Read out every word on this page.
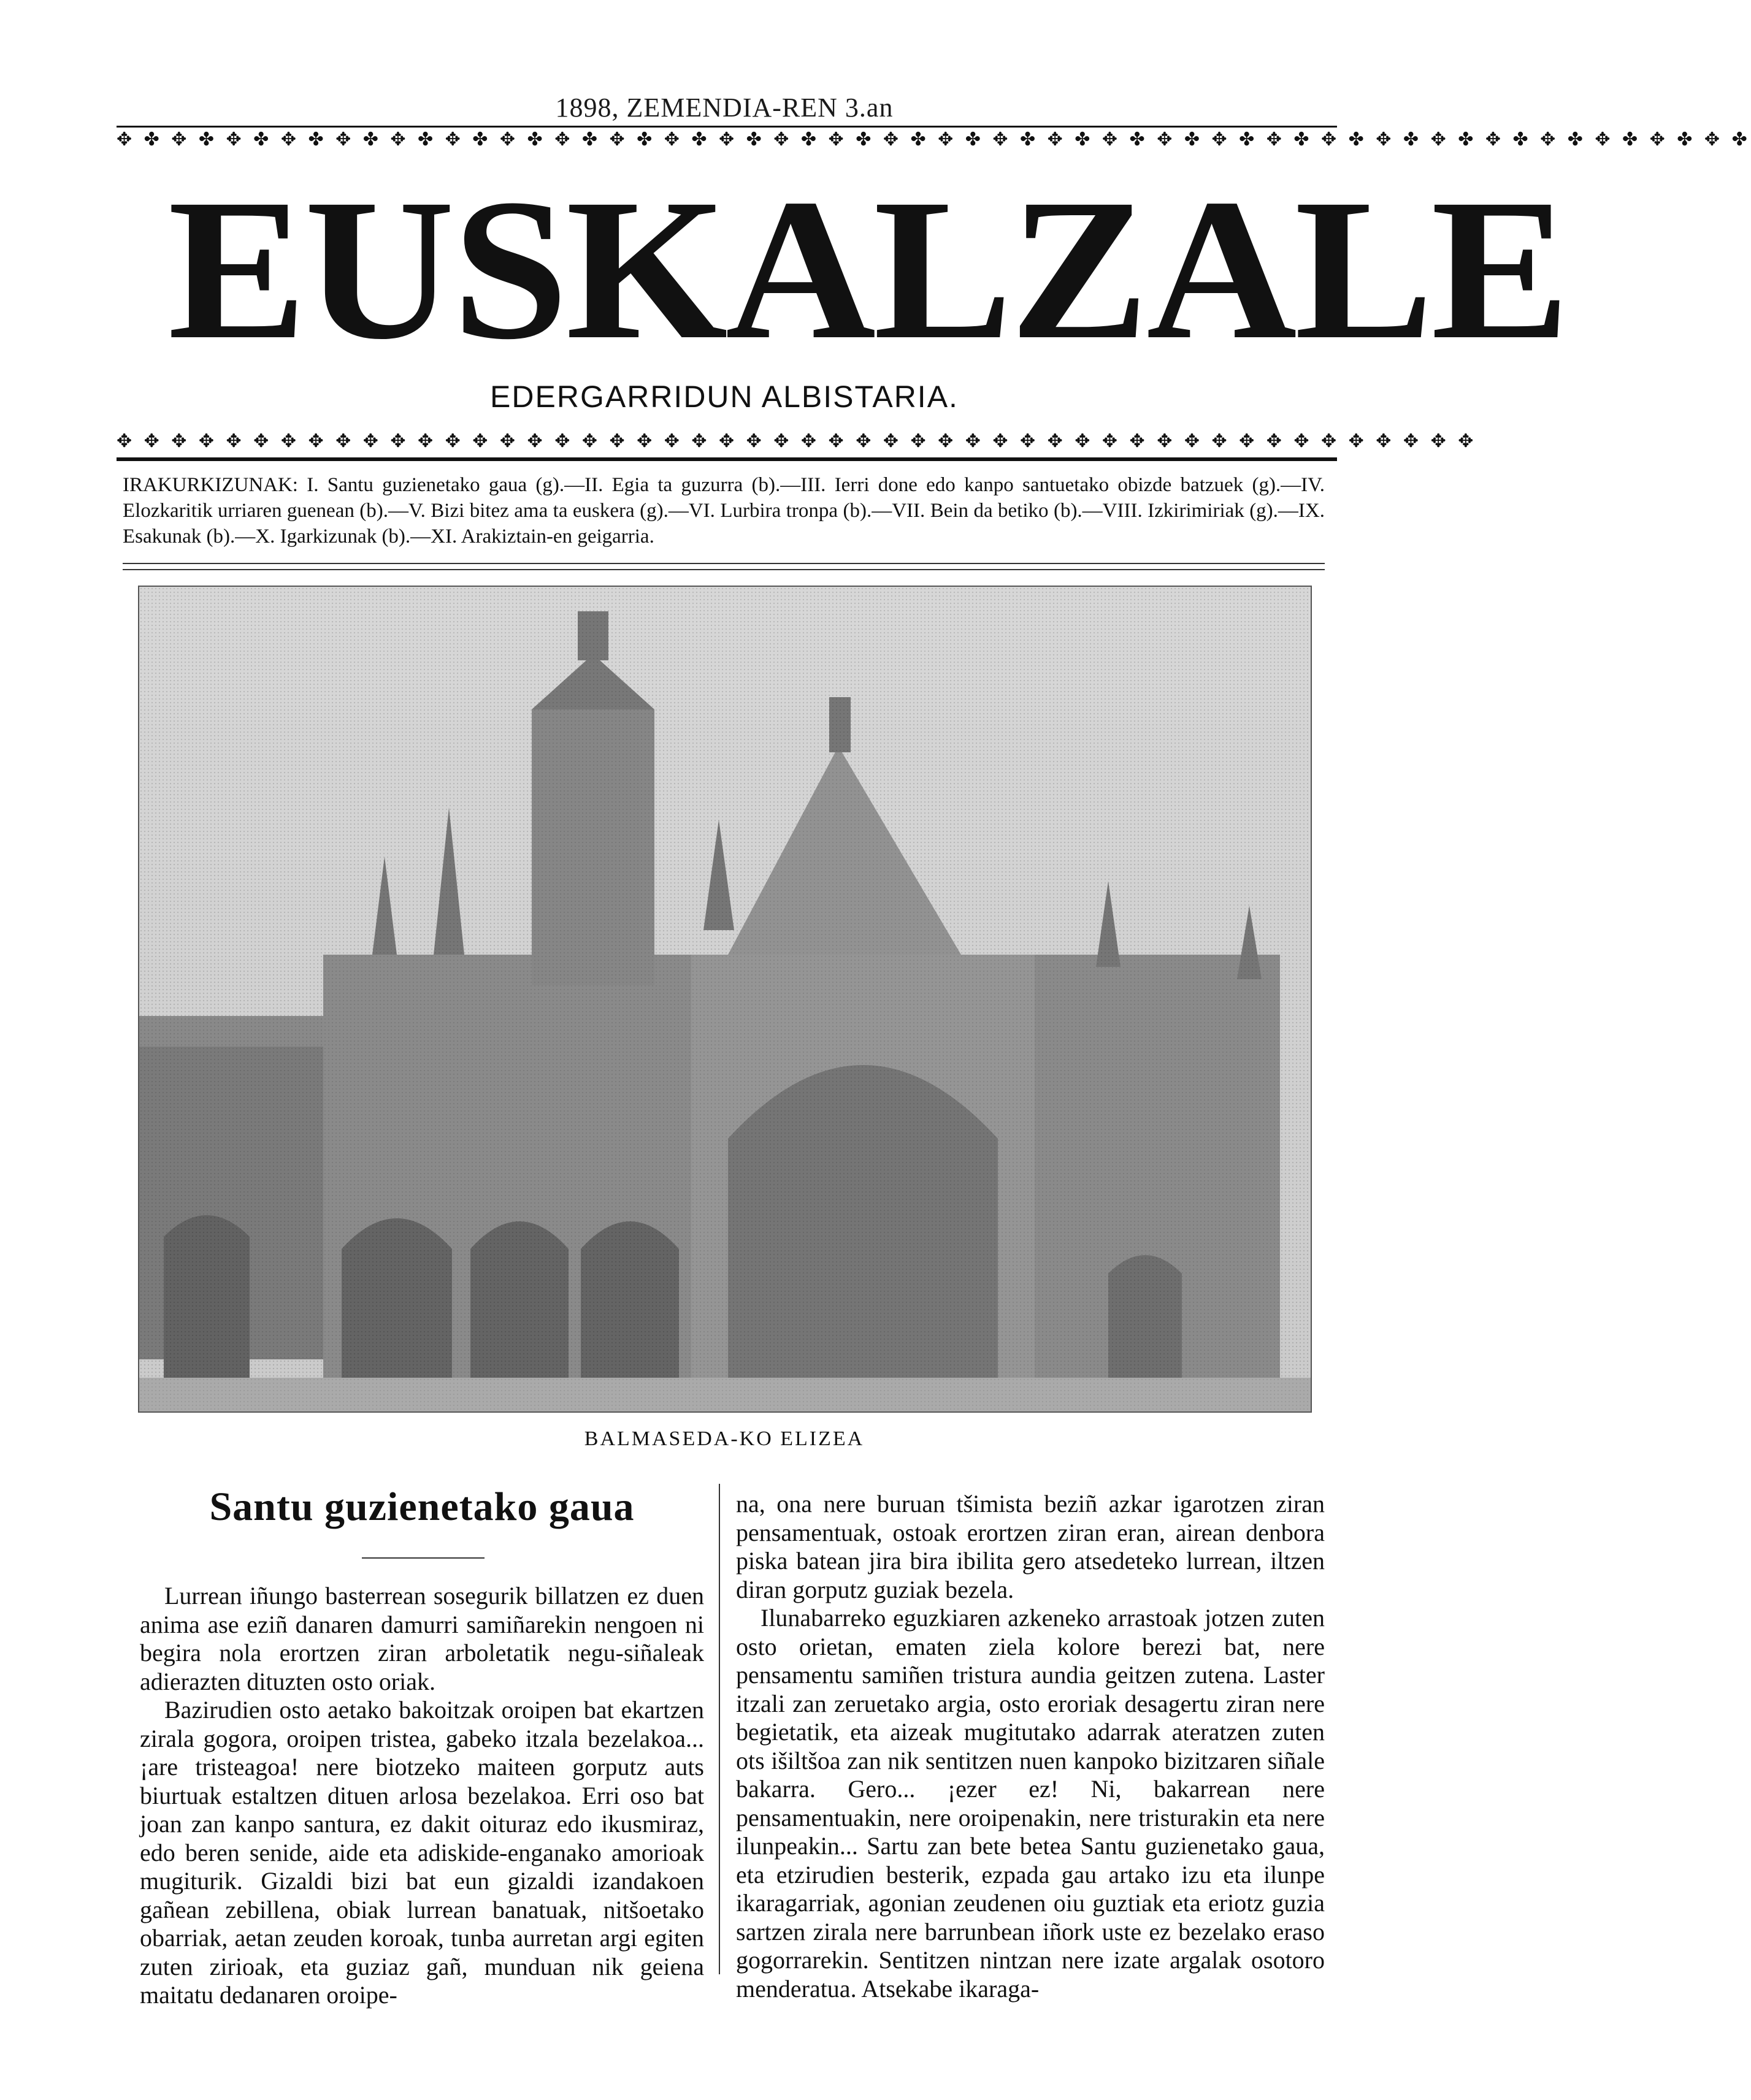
1898, ZEMENDIA-REN 3.an
✥ ✤ ✥ ✤ ✥ ✤ ✥ ✤ ✥ ✤ ✥ ✤ ✥ ✤ ✥ ✤ ✥ ✤ ✥ ✤ ✥ ✤ ✥ ✤ ✥ ✤ ✥ ✤ ✥ ✤ ✥ ✤ ✥ ✤ ✥ ✤ ✥ ✤ ✥ ✤ ✥ ✤ ✥ ✤ ✥ ✤ ✥ ✤ ✥ ✤ ✥ ✤ ✥ ✤ ✥ ✤ ✥ ✤ ✥ ✤
EUSKALZALE
EDERGARRIDUN ALBISTARIA.
✥ ✥ ✥ ✥ ✥ ✥ ✥ ✥ ✥ ✥ ✥ ✥ ✥ ✥ ✥ ✥ ✥ ✥ ✥ ✥ ✥ ✥ ✥ ✥ ✥ ✥ ✥ ✥ ✥ ✥ ✥ ✥ ✥ ✥ ✥ ✥ ✥ ✥ ✥ ✥ ✥ ✥ ✥ ✥ ✥ ✥ ✥ ✥ ✥ ✥
IRAKURKIZUNAK: I. Santu guzienetako gaua (g).—II. Egia ta guzurra (b).—III. Ierri done edo kanpo santuetako obizde batzuek (g).—IV. Elozkaritik urriaren guenean (b).—V. Bizi bitez ama ta euskera (g).—VI. Lurbira tronpa (b).—VII. Bein da betiko (b).—VIII. Izkirimiriak (g).—IX. Esakunak (b).—X. Igarkizunak (b).—XI. Arakiztain-en geigarria.
BALMASEDA-KO ELIZEA
Santu guzienetako gaua

Lurrean iñungo basterrean sosegurik billatzen ez duen anima ase eziñ danaren damurri samiñarekin nengoen ni begira nola erortzen ziran arboletatik negu-siñaleak adierazten dituzten osto oriak.

Bazirudien osto aetako bakoitzak oroipen bat ekartzen zirala gogora, oroipen tristea, gabeko itzala bezelakoa... ¡are tristeagoa! nere biotzeko maiteen gorputz auts biurtuak estaltzen dituen arlosa bezelakoa. Erri oso bat joan zan kanpo santura, ez dakit oituraz edo ikusmiraz, edo beren senide, aide eta adiskide-enganako amorioak mugiturik. Gizaldi bizi bat eun gizaldi izandakoen gañean zebillena, obiak lurrean banatuak, nitšoetako obarriak, aetan zeuden koroak, tunba aurretan argi egiten zuten zirioak, eta guziaz gañ, munduan nik geiena maitatu dedanaren oroipe-

na, ona nere buruan tšimista beziñ azkar igarotzen ziran pensamentuak, ostoak erortzen ziran eran, airean denbora piska batean jira bira ibilita gero atsedeteko lurrean, iltzen diran gorputz guziak bezela.

Ilunabarreko eguzkiaren azkeneko arrastoak jotzen zuten osto orietan, ematen ziela kolore berezi bat, nere pensamentu samiñen tristura aundia geitzen zutena. Laster itzali zan zeruetako argia, osto eroriak desagertu ziran nere begietatik, eta aizeak mugitutako adarrak ateratzen zuten ots išiltšoa zan nik sentitzen nuen kanpoko bizitzaren siñale bakarra. Gero... ¡ezer ez! Ni, bakarrean nere pensamentuakin, nere oroipenakin, nere tristurakin eta nere ilunpeakin... Sartu zan bete betea Santu guzienetako gaua, eta etzirudien besterik, ezpada gau artako izu eta ilunpe ikaragarriak, agonian zeudenen oiu guztiak eta eriotz guzia sartzen zirala nere barrunbean iñork uste ez bezelako eraso gogorrarekin. Sentitzen nintzan nere izate argalak osotoro menderatua. Atsekabe ikaraga-
